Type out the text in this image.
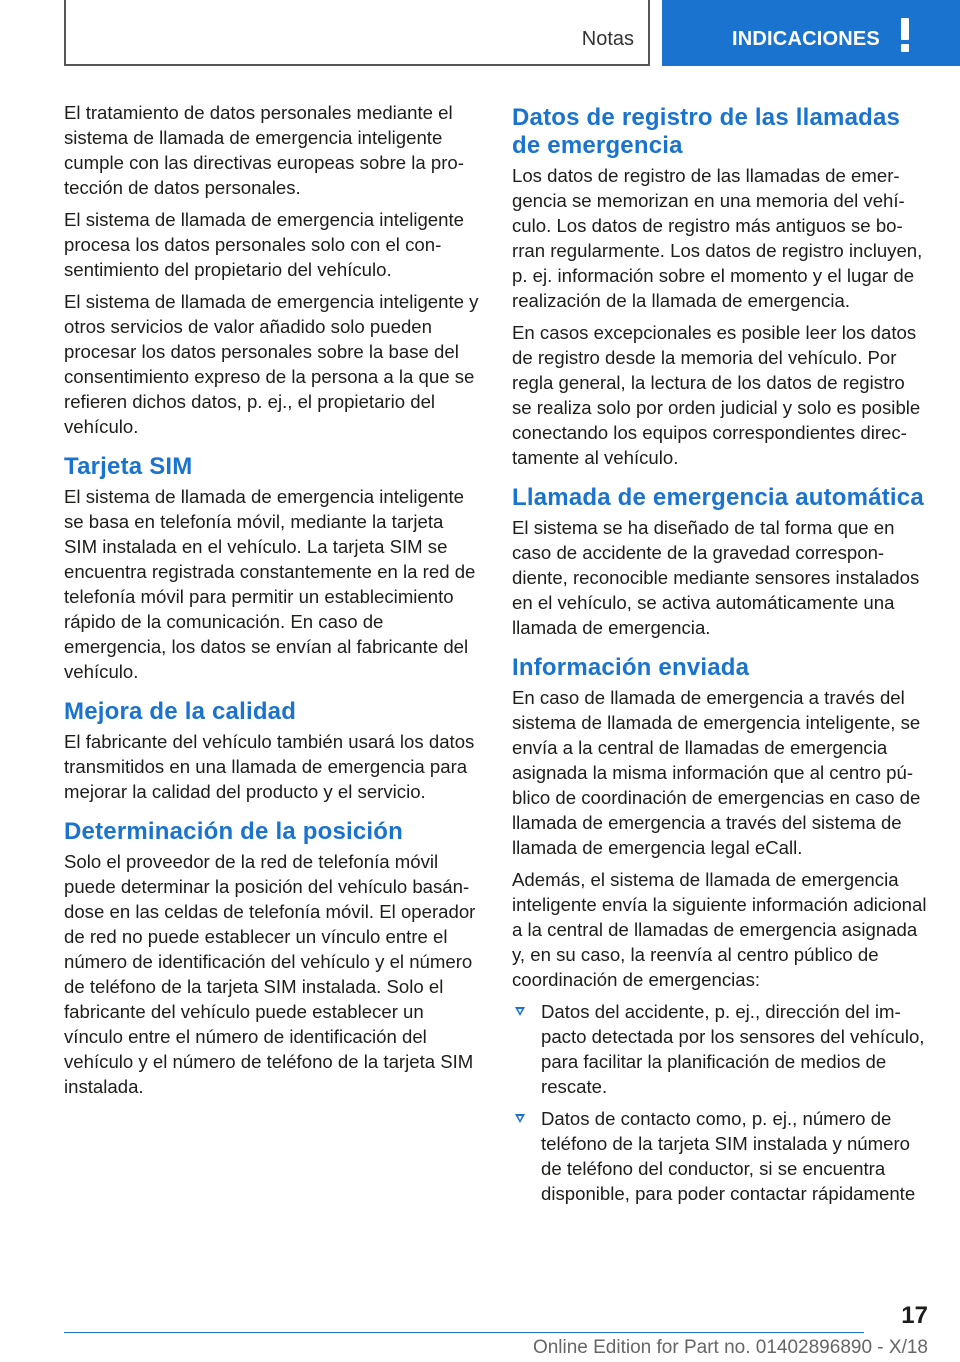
Notas	INDICACIONES

El tratamiento de datos personales mediante el sistema de llamada de emergencia inteligente cumple con las directivas europeas sobre la protección de datos personales.

El sistema de llamada de emergencia inteligente procesa los datos personales solo con el consentimiento del propietario del vehículo.

El sistema de llamada de emergencia inteligente y otros servicios de valor añadido solo pueden procesar los datos personales sobre la base del consentimiento expreso de la persona a la que se refieren dichos datos, p. ej., el propietario del vehículo.

Tarjeta SIM

El sistema de llamada de emergencia inteligente se basa en telefonía móvil, mediante la tarjeta SIM instalada en el vehículo. La tarjeta SIM se encuentra registrada constantemente en la red de telefonía móvil para permitir un establecimiento rápido de la comunicación. En caso de emergencia, los datos se envían al fabricante del vehículo.

Mejora de la calidad

El fabricante del vehículo también usará los datos transmitidos en una llamada de emergencia para mejorar la calidad del producto y el servicio.

Determinación de la posición

Solo el proveedor de la red de telefonía móvil puede determinar la posición del vehículo basándose en las celdas de telefonía móvil. El operador de red no puede establecer un vínculo entre el número de identificación del vehículo y el número de teléfono de la tarjeta SIM instalada. Solo el fabricante del vehículo puede establecer un vínculo entre el número de identificación del vehículo y el número de teléfono de la tarjeta SIM instalada.

Datos de registro de las llamadas de emergencia

Los datos de registro de las llamadas de emergencia se memorizan en una memoria del vehículo. Los datos de registro más antiguos se borran regularmente. Los datos de registro incluyen, p. ej. información sobre el momento y el lugar de realización de la llamada de emergencia.

En casos excepcionales es posible leer los datos de registro desde la memoria del vehículo. Por regla general, la lectura de los datos de registro se realiza solo por orden judicial y solo es posible conectando los equipos correspondientes directamente al vehículo.

Llamada de emergencia automática

El sistema se ha diseñado de tal forma que en caso de accidente de la gravedad correspondiente, reconocible mediante sensores instalados en el vehículo, se activa automáticamente una llamada de emergencia.

Información enviada

En caso de llamada de emergencia a través del sistema de llamada de emergencia inteligente, se envía a la central de llamadas de emergencia asignada la misma información que al centro público de coordinación de emergencias en caso de llamada de emergencia a través del sistema de llamada de emergencia legal eCall.

Además, el sistema de llamada de emergencia inteligente envía la siguiente información adicional a la central de llamadas de emergencia asignada y, en su caso, la reenvía al centro público de coordinación de emergencias:

Datos del accidente, p. ej., dirección del impacto detectada por los sensores del vehículo, para facilitar la planificación de medios de rescate.
Datos de contacto como, p. ej., número de teléfono de la tarjeta SIM instalada y número de teléfono del conductor, si se encuentra disponible, para poder contactar rápidamente
17
Online Edition for Part no. 01402896890 - X/18
